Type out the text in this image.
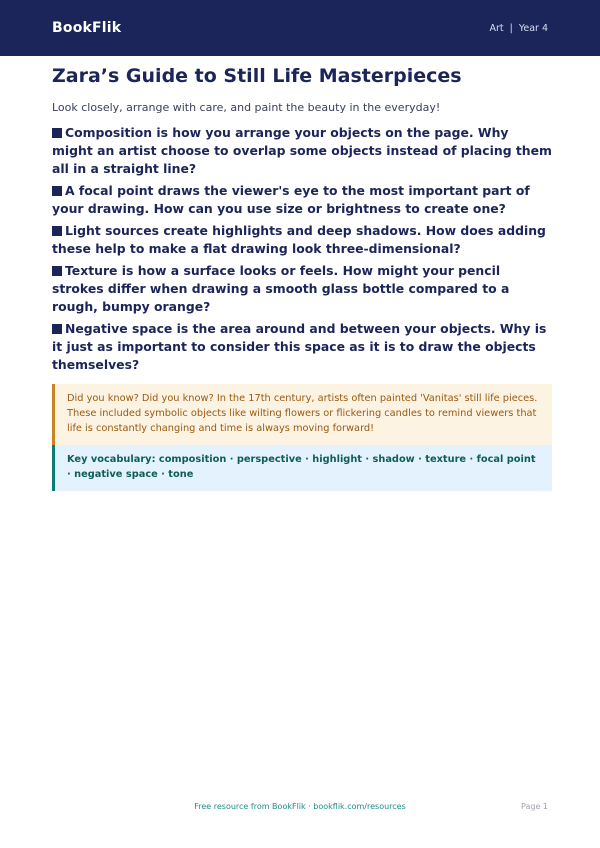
BookFlik	Art | Year 4
Zara’s Guide to Still Life Masterpieces
Look closely, arrange with care, and paint the beauty in the everyday!
Composition is how you arrange your objects on the page. Why might an artist choose to overlap some objects instead of placing them all in a straight line?
A focal point draws the viewer's eye to the most important part of your drawing. How can you use size or brightness to create one?
Light sources create highlights and deep shadows. How does adding these help to make a flat drawing look three-dimensional?
Texture is how a surface looks or feels. How might your pencil strokes differ when drawing a smooth glass bottle compared to a rough, bumpy orange?
Negative space is the area around and between your objects. Why is it just as important to consider this space as it is to draw the objects themselves?
Did you know? Did you know? In the 17th century, artists often painted 'Vanitas' still life pieces. These included symbolic objects like wilting flowers or flickering candles to remind viewers that life is constantly changing and time is always moving forward!
Key vocabulary: composition · perspective · highlight · shadow · texture · focal point · negative space · tone
Free resource from BookFlik · bookflik.com/resources	Page 1
